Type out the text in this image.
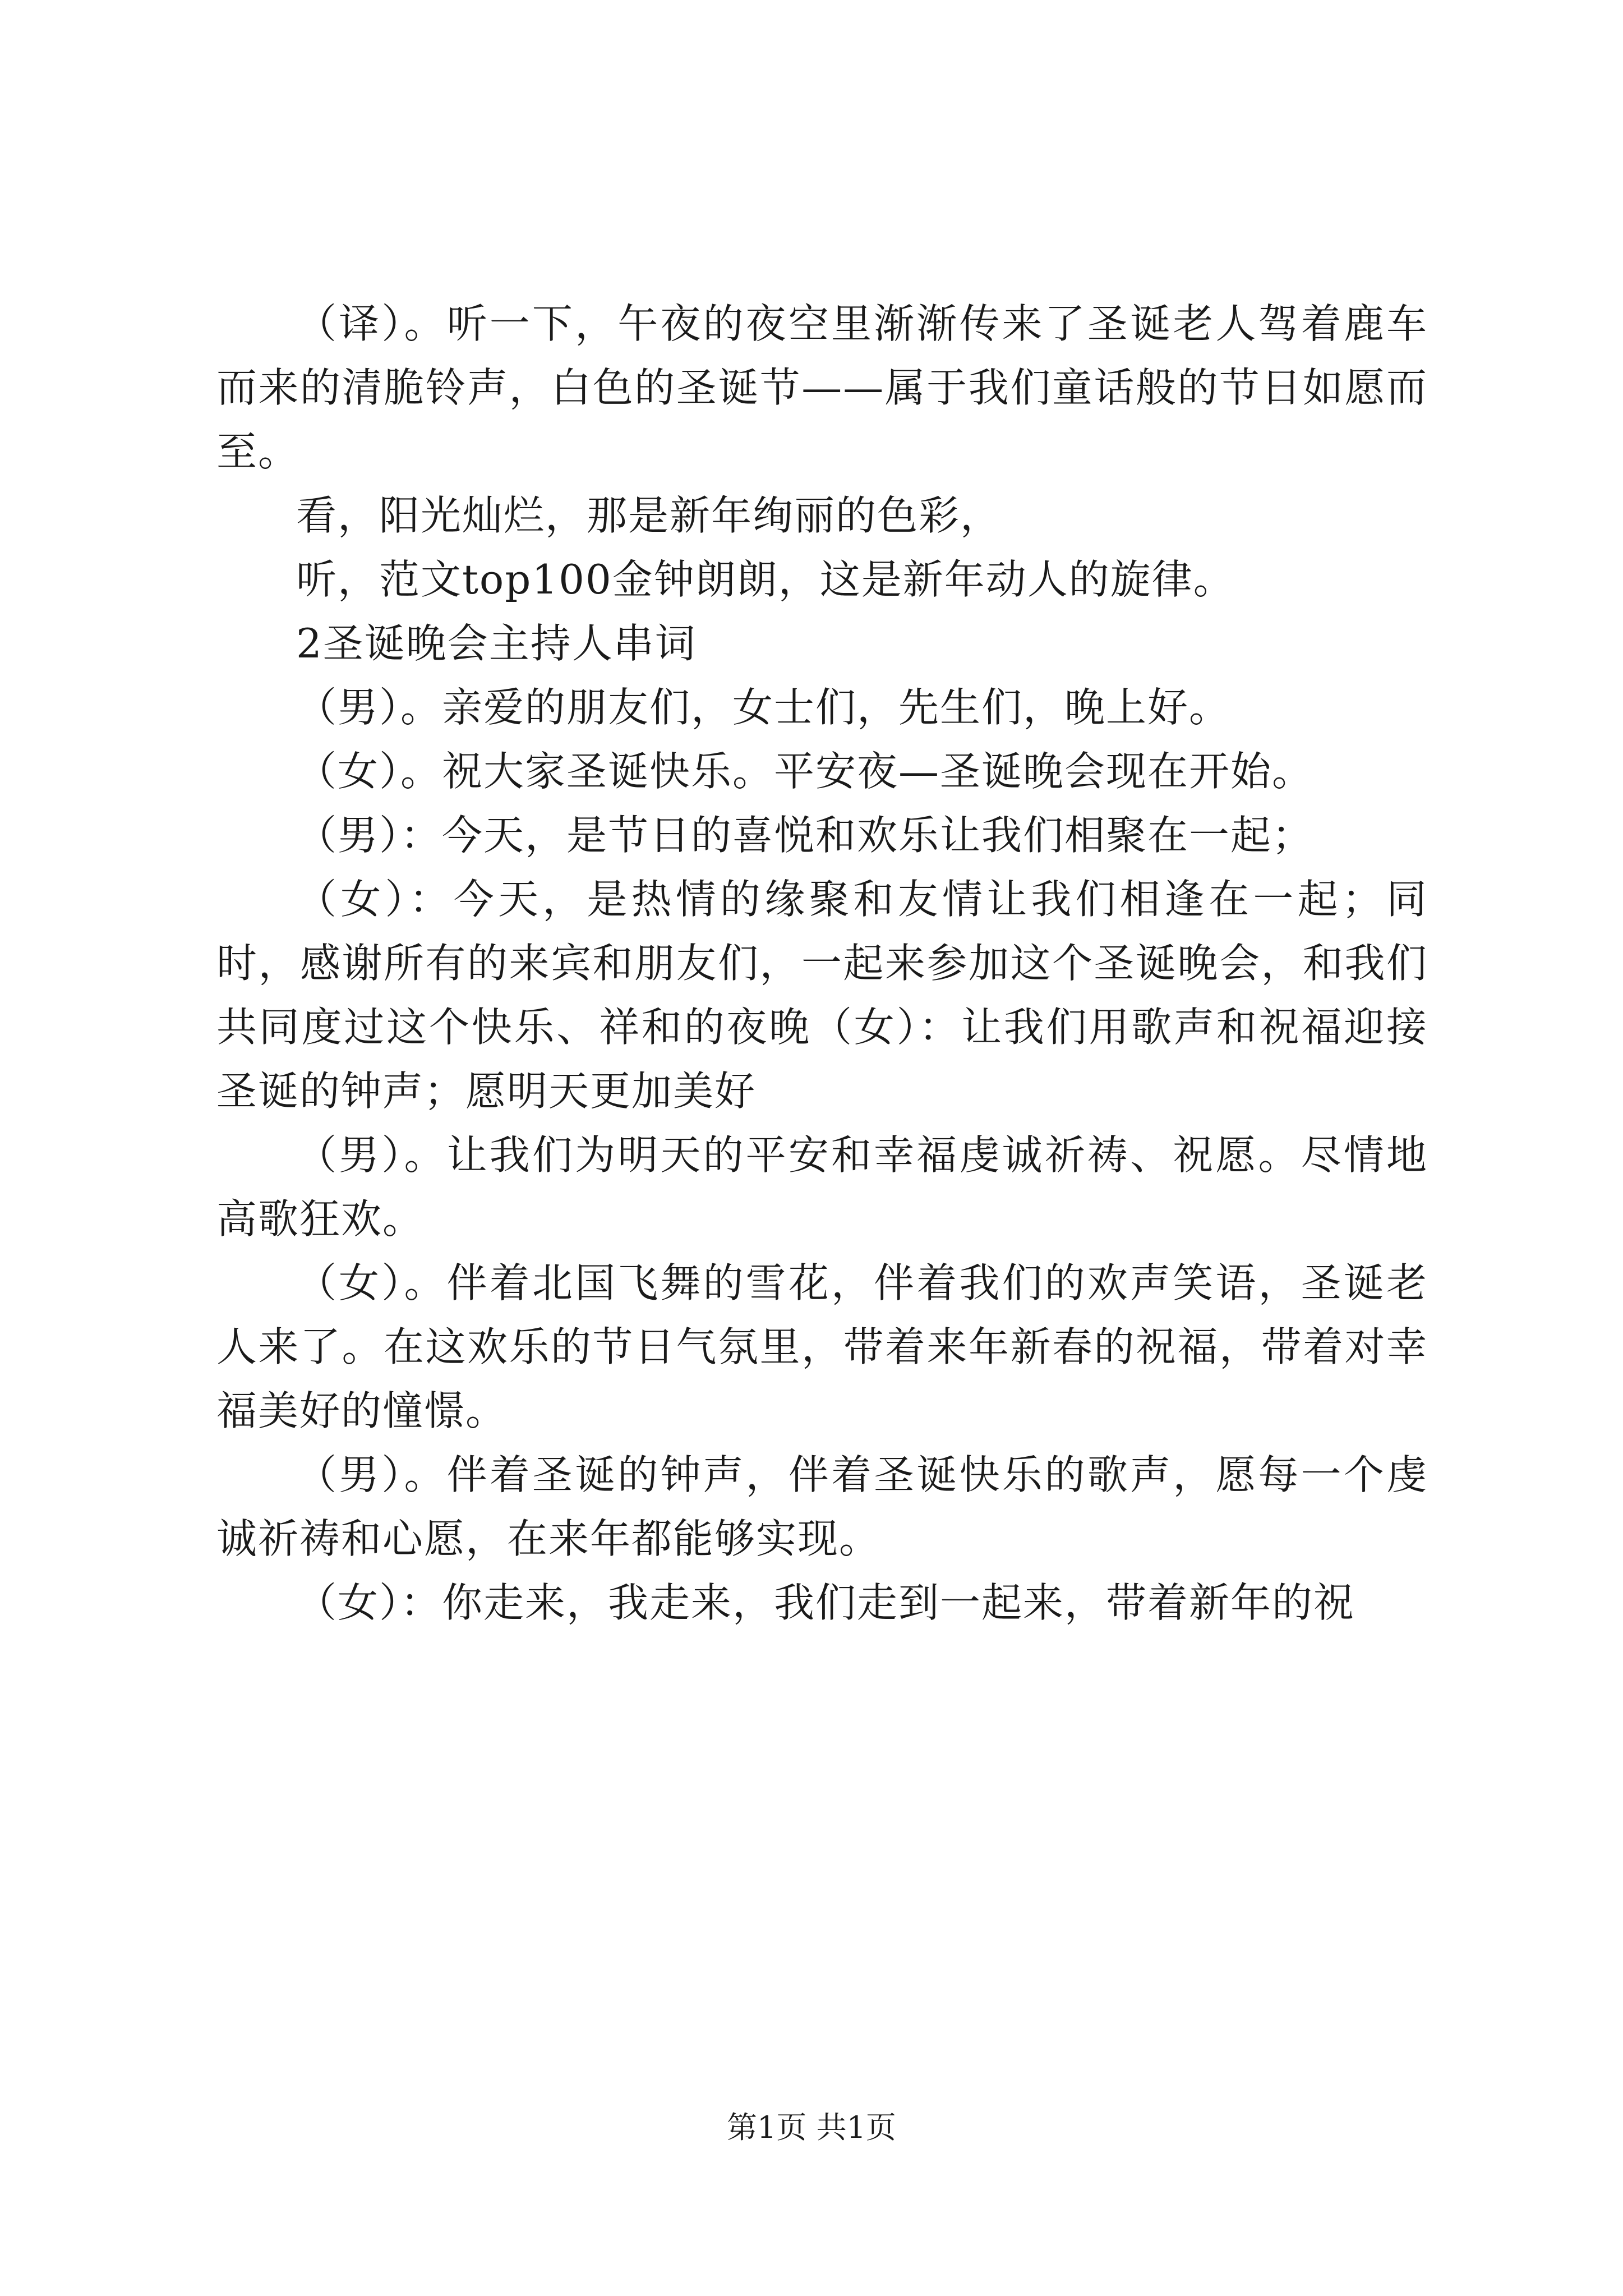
（译）。听一下，午夜的夜空里渐渐传来了圣诞老人驾着鹿车而来的清脆铃声，白色的圣诞节——属于我们童话般的节日如愿而至。

看，阳光灿烂，那是新年绚丽的色彩，

听，范文top100金钟朗朗，这是新年动人的旋律。

2圣诞晚会主持人串词

（男）。亲爱的朋友们，女士们，先生们，晚上好。

（女）。祝大家圣诞快乐。平安夜—圣诞晚会现在开始。

（男）：今天，是节日的喜悦和欢乐让我们相聚在一起；

（女）：今天，是热情的缘聚和友情让我们相逢在一起；同时，感谢所有的来宾和朋友们，一起来参加这个圣诞晚会，和我们共同度过这个快乐、祥和的夜晚（女）：让我们用歌声和祝福迎接圣诞的钟声；愿明天更加美好

（男）。让我们为明天的平安和幸福虔诚祈祷、祝愿。尽情地高歌狂欢。

（女）。伴着北国飞舞的雪花，伴着我们的欢声笑语，圣诞老人来了。在这欢乐的节日气氛里，带着来年新春的祝福，带着对幸福美好的憧憬。

（男）。伴着圣诞的钟声，伴着圣诞快乐的歌声，愿每一个虔诚祈祷和心愿，在来年都能够实现。

（女）：你走来，我走来，我们走到一起来，带着新年的祝

第1页 共1页
